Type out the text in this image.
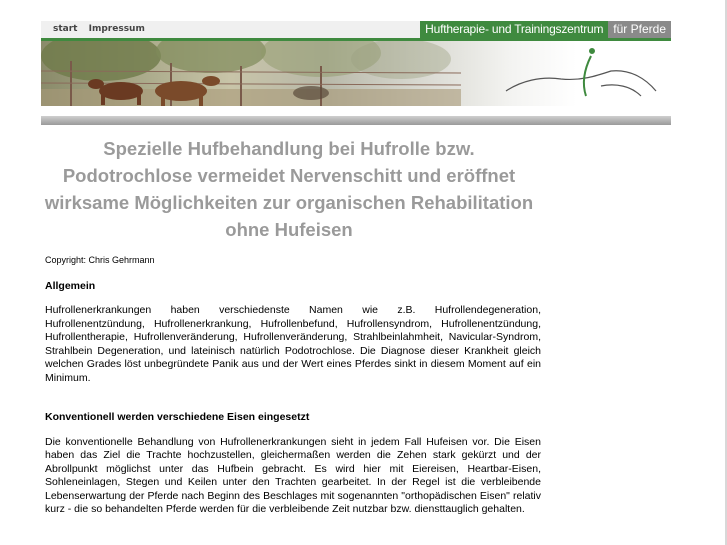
start Impressum	Huftherapie- und Trainingszentrum für Pferde
Spezielle Hufbehandlung bei Hufrolle bzw. Podotrochlose vermeidet Nervenschitt und eröffnet wirksame Möglichkeiten zur organischen Rehabilitation ohne Hufeisen

Copyright: Chris Gehrmann

Allgemein

Hufrollenerkrankungen haben verschiedenste Namen wie z.B. Hufrollendegeneration, Hufrollenentzündung, Hufrollenerkrankung, Hufrollenbefund, Hufrollensyndrom, Hufrollenentzündung, Hufrollentherapie, Hufrollenveränderung, Hufrollenveränderung, Strahlbeinlahmheit, Navicular-Syndrom, Strahlbein Degeneration, und lateinisch natürlich Podotrochlose. Die Diagnose dieser Krankheit gleich welchen Grades löst unbegründete Panik aus und der Wert eines Pferdes sinkt in diesem Moment auf ein Minimum.

Konventionell werden verschiedene Eisen eingesetzt

Die konventionelle Behandlung von Hufrollenerkrankungen sieht in jedem Fall Hufeisen vor. Die Eisen haben das Ziel die Trachte hochzustellen, gleichermaßen werden die Zehen stark gekürzt und der Abrollpunkt möglichst unter das Hufbein gebracht. Es wird hier mit Eiereisen, Heartbar-Eisen, Sohleneinlagen, Stegen und Keilen unter den Trachten gearbeitet. In der Regel ist die verbleibende Lebenserwartung der Pferde nach Beginn des Beschlages mit sogenannten "orthopädischen Eisen" relativ kurz - die so behandelten Pferde werden für die verbleibende Zeit nutzbar bzw. diensttauglich gehalten.
